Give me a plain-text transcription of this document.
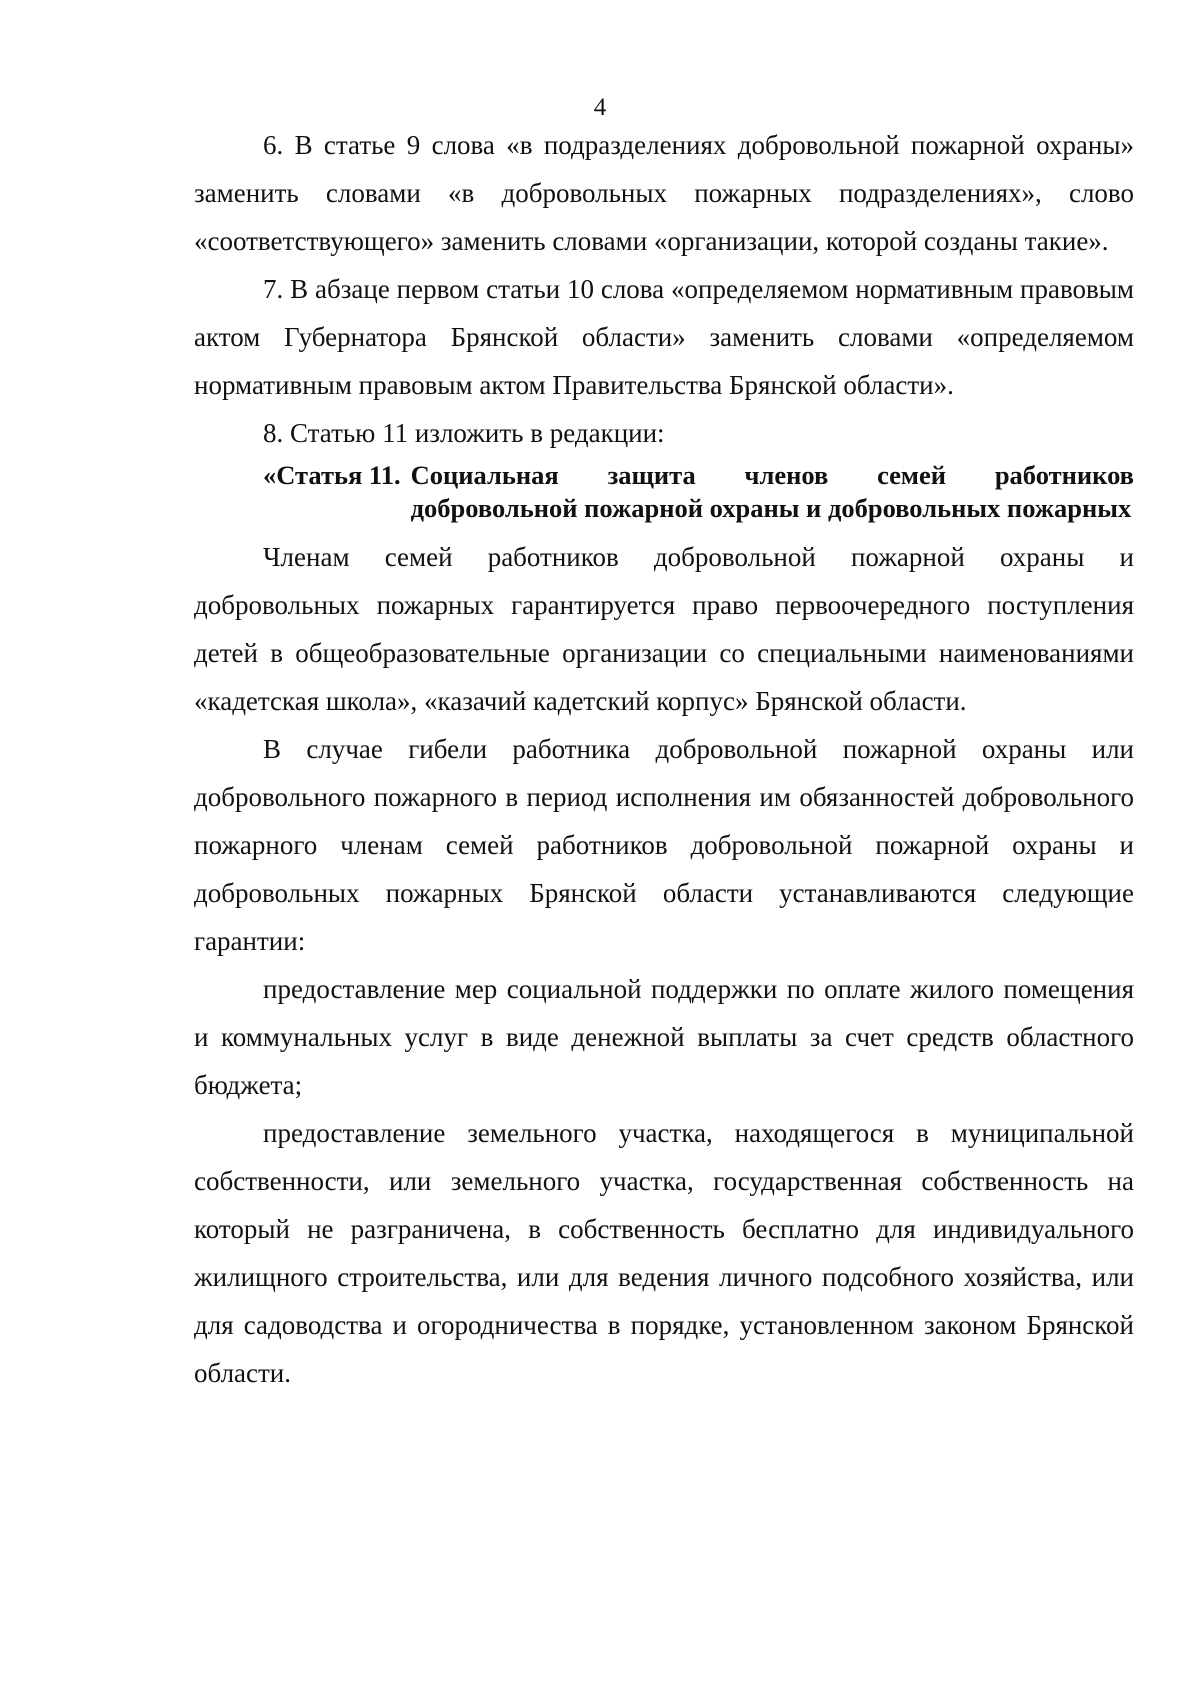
4

6. В статье 9 слова «в подразделениях добровольной пожарной охраны» заменить словами «в добровольных пожарных подразделениях», слово «соответствующего» заменить словами «организации, которой созданы такие».

7. В абзаце первом статьи 10 слова «определяемом нормативным правовым актом Губернатора Брянской области» заменить словами «определяемом нормативным правовым актом Правительства Брянской области».

8. Статью 11 изложить в редакции:

«Статья 11. Социальная защита членов семей работников добровольной пожарной охраны и добровольных пожарных

Членам семей работников добровольной пожарной охраны и добровольных пожарных гарантируется право первоочередного поступления детей в общеобразовательные организации со специальными наименованиями «кадетская школа», «казачий кадетский корпус» Брянской области.

В случае гибели работника добровольной пожарной охраны или добровольного пожарного в период исполнения им обязанностей добровольного пожарного членам семей работников добровольной пожарной охраны и добровольных пожарных Брянской области устанавливаются следующие гарантии:

предоставление мер социальной поддержки по оплате жилого помещения и коммунальных услуг в виде денежной выплаты за счет средств областного бюджета;

предоставление земельного участка, находящегося в муниципальной собственности, или земельного участка, государственная собственность на который не разграничена, в собственность бесплатно для индивидуального жилищного строительства, или для ведения личного подсобного хозяйства, или для садоводства и огородничества в порядке, установленном законом Брянской области.
